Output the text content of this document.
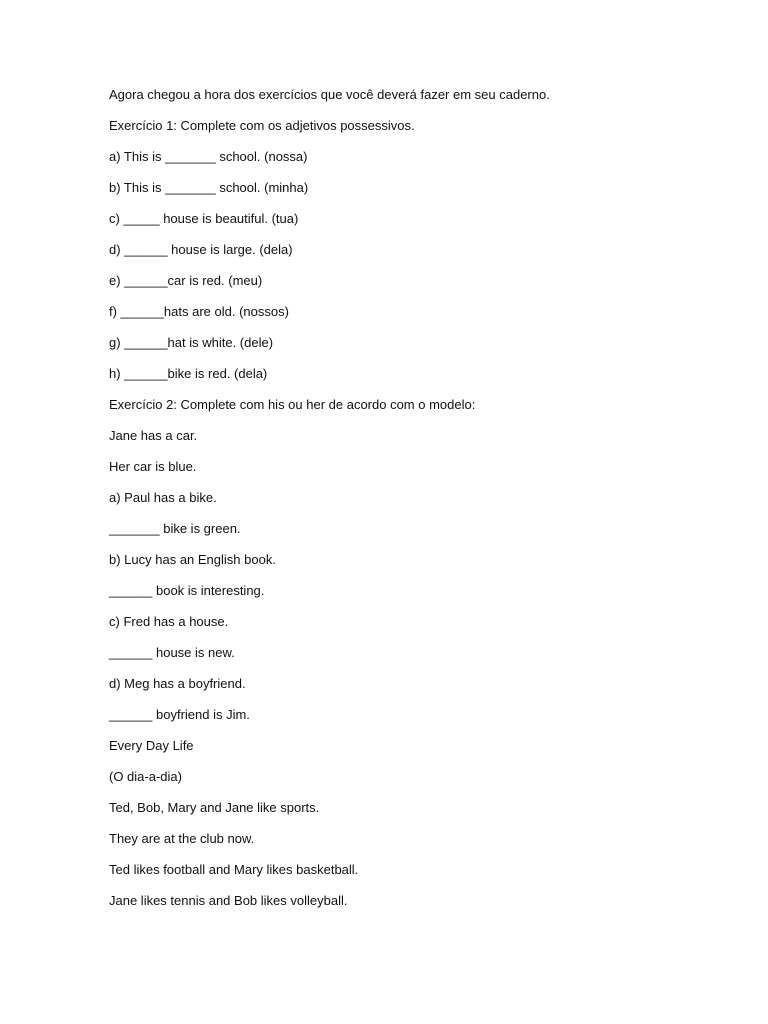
Agora chegou a hora dos exercícios que você deverá fazer em seu caderno.
Exercício 1: Complete com os adjetivos possessivos.
a) This is _______ school. (nossa)
b) This is _______ school. (minha)
c) _____ house is beautiful. (tua)
d) ______ house is large. (dela)
e) ______car is red. (meu)
f) ______hats are old. (nossos)
g) ______hat is white. (dele)
h) ______bike is red. (dela)
Exercício 2: Complete com his ou her de acordo com o modelo:
Jane has a car.
Her car is blue.
a) Paul has a bike.
_______ bike is green.
b) Lucy has an English book.
______ book is interesting.
c) Fred has a house.
______ house is new.
d) Meg has a boyfriend.
______ boyfriend is Jim.
Every Day Life
(O dia-a-dia)
Ted, Bob, Mary and Jane like sports.
They are at the club now.
Ted likes football and Mary likes basketball.
Jane likes tennis and Bob likes volleyball.
